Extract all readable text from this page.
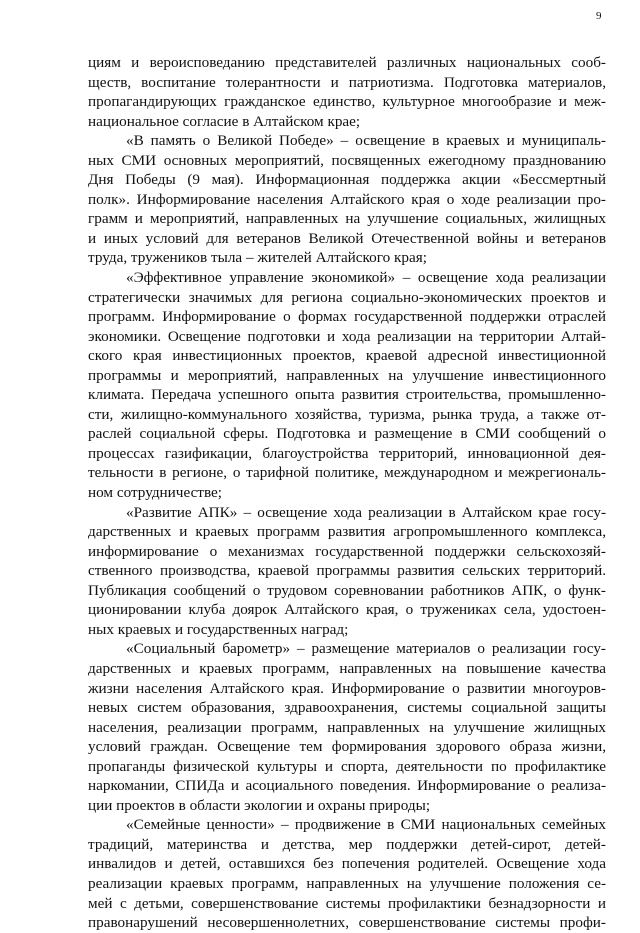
9
циям и вероисповеданию представителей различных национальных сооб-
ществ, воспитание толерантности и патриотизма. Подготовка материалов,
пропагандирующих гражданское единство, культурное многообразие и меж-
национальное согласие в Алтайском крае;
«В память о Великой Победе» – освещение в краевых и муниципаль-
ных СМИ основных мероприятий, посвященных ежегодному празднованию
Дня Победы (9 мая). Информационная поддержка акции «Бессмертный
полк». Информирование населения Алтайского края о ходе реализации про-
грамм и мероприятий, направленных на улучшение социальных, жилищных
и иных условий для ветеранов Великой Отечественной войны и ветеранов
труда, тружеников тыла – жителей Алтайского края;
«Эффективное управление экономикой» – освещение хода реализации
стратегически значимых для региона социально-экономических проектов и
программ. Информирование о формах государственной поддержки отраслей
экономики. Освещение подготовки и хода реализации на территории Алтай-
ского края инвестиционных проектов, краевой адресной инвестиционной
программы и мероприятий, направленных на улучшение инвестиционного
климата. Передача успешного опыта развития строительства, промышленно-
сти, жилищно-коммунального хозяйства, туризма, рынка труда, а также от-
раслей социальной сферы. Подготовка и размещение в СМИ сообщений о
процессах газификации, благоустройства территорий, инновационной дея-
тельности в регионе, о тарифной политике, международном и межрегиональ-
ном сотрудничестве;
«Развитие АПК» – освещение хода реализации в Алтайском крае госу-
дарственных и краевых программ развития агропромышленного комплекса,
информирование о механизмах государственной поддержки сельскохозяй-
ственного производства, краевой программы развития сельских территорий.
Публикация сообщений о трудовом соревновании работников АПК, о функ-
ционировании клуба доярок Алтайского края, о тружениках села, удостоен-
ных краевых и государственных наград;
«Социальный барометр» – размещение материалов о реализации госу-
дарственных и краевых программ, направленных на повышение качества
жизни населения Алтайского края. Информирование о развитии многоуров-
невых систем образования, здравоохранения, системы социальной защиты
населения, реализации программ, направленных на улучшение жилищных
условий граждан. Освещение тем формирования здорового образа жизни,
пропаганды физической культуры и спорта, деятельности по профилактике
наркомании, СПИДа и асоциального поведения. Информирование о реализа-
ции проектов в области экологии и охраны природы;
«Семейные ценности» – продвижение в СМИ национальных семейных
традиций, материнства и детства, мер поддержки детей-сирот, детей-
инвалидов и детей, оставшихся без попечения родителей. Освещение хода
реализации краевых программ, направленных на улучшение положения се-
мей с детьми, совершенствование системы профилактики безнадзорности и
правонарушений несовершеннолетних, совершенствование системы профи-
